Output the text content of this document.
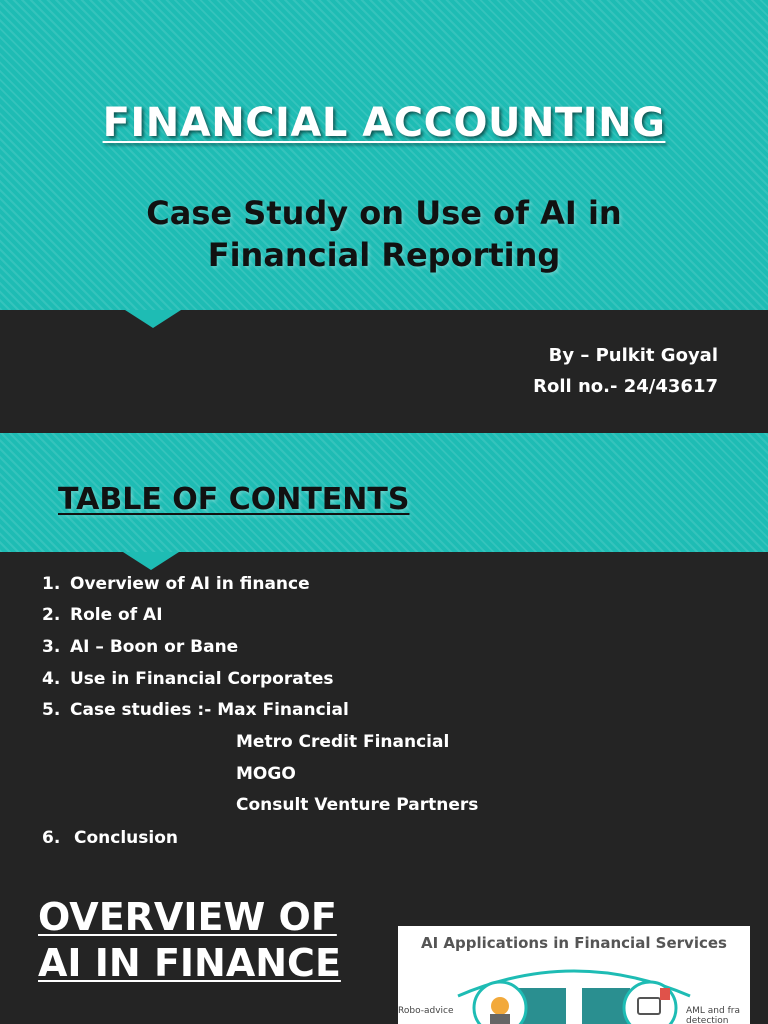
FINANCIAL ACCOUNTING
Case Study on Use of AI in Financial Reporting
By – Pulkit Goyal
Roll no.- 24/43617
TABLE OF CONTENTS
1. Overview of AI in finance
2. Role of AI
3. AI – Boon or Bane
4. Use in Financial Corporates
5. Case studies :- Max Financial
Metro Credit Financial
MOGO
Consult Venture Partners
6. Conclusion
OVERVIEW OF
AI IN FINANCE	AI Applications in Financial Services
Robo-advice	AML and fra
detection
